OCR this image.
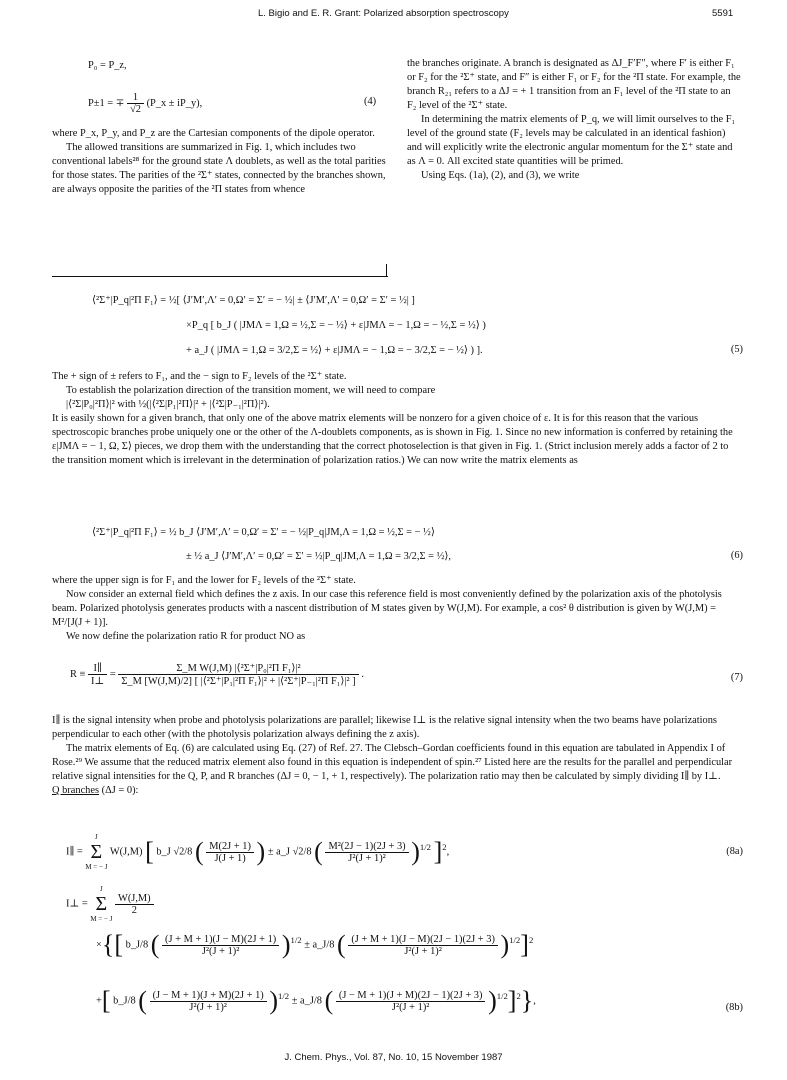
L. Bigio and E. R. Grant: Polarized absorption spectroscopy	5591
P₀ = P_z,
P±1 = ∓ $\frac{1}{√2}$ (P_x ± iP_y),	(4)

where P_x, P_y, and P_z are the Cartesian components of the dipole operator.

The allowed transitions are summarized in Fig. 1, which includes two conventional labels²⁸ for the ground state Λ doublets, as well as the total parities for those states. The parities of the ²Σ⁺ states, connected by the branches shown, are always opposite the parities of the ²Π states from whence

the branches originate. A branch is designated as ΔJ_F′F″, where F′ is either F₁ or F₂ for the ²Σ⁺ state, and F″ is either F₁ or F₂ for the ²Π state. For example, the branch R₂₁ refers to a ΔJ = + 1 transition from an F₁ level of the ²Π state to an F₂ level of the ²Σ⁺ state.

In determining the matrix elements of P_q, we will limit ourselves to the F₁ level of the ground state (F₂ levels may be calculated in an identical fashion) and will explicitly write the electronic angular momentum for the Σ⁺ state and as Λ = 0. All excited state quantities will be primed.

Using Eqs. (1a), (2), and (3), we write

⟨²Σ⁺|P_q|²Π F₁⟩ = ½[ ⟨J′M′,Λ′ = 0,Ω′ = Σ′ = − ½| ± ⟨J′M′,Λ′ = 0,Ω′ = Σ′ = ½| ]
×P_q [ b_J ( |JMΛ = 1,Ω = ½,Σ = − ½⟩ + ε|JMΛ = − 1,Ω = − ½,Σ = ½⟩ )
+ a_J ( |JMΛ = 1,Ω = 3/2,Σ = ½⟩ + ε|JMΛ = − 1,Ω = − 3/2,Σ = − ½⟩ ) ].	(5)
The + sign of ± refers to F₁, and the − sign to F₂ levels of the ²Σ⁺ state.
To establish the polarization direction of the transition moment, we will need to compare
|⟨²Σ|P₀|²Π⟩|² with ½(|⟨²Σ|P₁|²Π⟩|² + |⟨²Σ|P₋₁|²Π⟩|²).
It is easily shown for a given branch, that only one of the above matrix elements will be nonzero for a given choice of ε. It is for this reason that the various spectroscopic branches probe uniquely one or the other of the Λ-doublets components, as is shown in Fig. 1. Since no new information is conferred by retaining the ε|JMΛ = − 1, Ω, Σ⟩ pieces, we drop them with the understanding that the correct photoselection is that given in Fig. 1. (Strict inclusion merely adds a factor of 2 to the transition moment which is irrelevant in the determination of polarization ratios.) We can now write the matrix elements as
⟨²Σ⁺|P_q|²Π F₁⟩ = ½ b_J ⟨J′M′,Λ′ = 0,Ω′ = Σ′ = − ½|P_q|JM,Λ = 1,Ω = ½,Σ = − ½⟩
± ½ a_J ⟨J′M′,Λ′ = 0,Ω′ = Σ′ = ½|P_q|JM,Λ = 1,Ω = 3/2,Σ = ½⟩,	(6)
where the upper sign is for F₁ and the lower for F₂ levels of the ²Σ⁺ state.
Now consider an external field which defines the z axis. In our case this reference field is most conveniently defined by the polarization axis of the photolysis beam. Polarized photolysis generates products with a nascent distribution of M states given by W(J,M). For example, a cos² θ distribution is given by W(J,M) = M²/[J(J + 1)].
We now define the polarization ratio R for product NO as
$R \equiv \frac{I\parallel}{I\perp} = \frac{\text{Σ\_M W(J,M) |⟨²Σ⁺|P₀|²Π F₁⟩|²}}{\text{Σ\_M [W(J,M)/2] [ |⟨²Σ⁺|P₁|²Π F₁⟩|² + |⟨²Σ⁺|P₋₁|²Π F₁⟩|² ]}}$ .	(7)
I∥ is the signal intensity when probe and photolysis polarizations are parallel; likewise I⊥ is the relative signal intensity when the two beams have polarizations perpendicular to each other (with the photolysis polarization always defining the z axis).
The matrix elements of Eq. (6) are calculated using Eq. (27) of Ref. 27. The Clebsch–Gordan coefficients found in this equation are tabulated in Appendix I of Rose.²⁹ We assume that the reduced matrix element also found in this equation is independent of spin.²⁷ Listed here are the results for the parallel and perpendicular relative signal intensities for the Q, P, and R branches (ΔJ = 0, − 1, + 1, respectively). The polarization ratio may then be calculated by simply dividing I∥ by I⊥.
Q branches (ΔJ = 0):
I∥ =
J
Σ
M = − J
W(J,M) [ b_J √2/8 ( $\frac{M(2J + 1)}{J(J + 1)}$ ) ± a_J √2/8 ( $\frac{\text{M²(2J − 1)(2J + 3)}}{\text{J²(J + 1)²}} )^{1/2}$ ]$^2$,	(8a)
I⊥ =
J
Σ
M = − J

$\frac{W(J,M)}{2}$
×{[ b_J/8 ( $\frac{(J + M + 1)(J - M)(2J + 1)}{\text{J²(J + 1)²}} )^{1/2}$ ± a_J/8 ( $\frac{(J + M + 1)(J - M)(2J - 1)(2J + 3)}{\text{J²(J + 1)²}} )^{1/2}]^2$
+[ b_J/8 ( $\frac{(J - M + 1)(J + M)(2J + 1)}{\text{J²(J + 1)²}} )^{1/2}$ ± a_J/8 ( $\frac{(J - M + 1)(J + M)(2J - 1)(2J + 3)}{\text{J²(J + 1)²}} )^{1/2}]^2$},
(8b)
J. Chem. Phys., Vol. 87, No. 10, 15 November 1987
